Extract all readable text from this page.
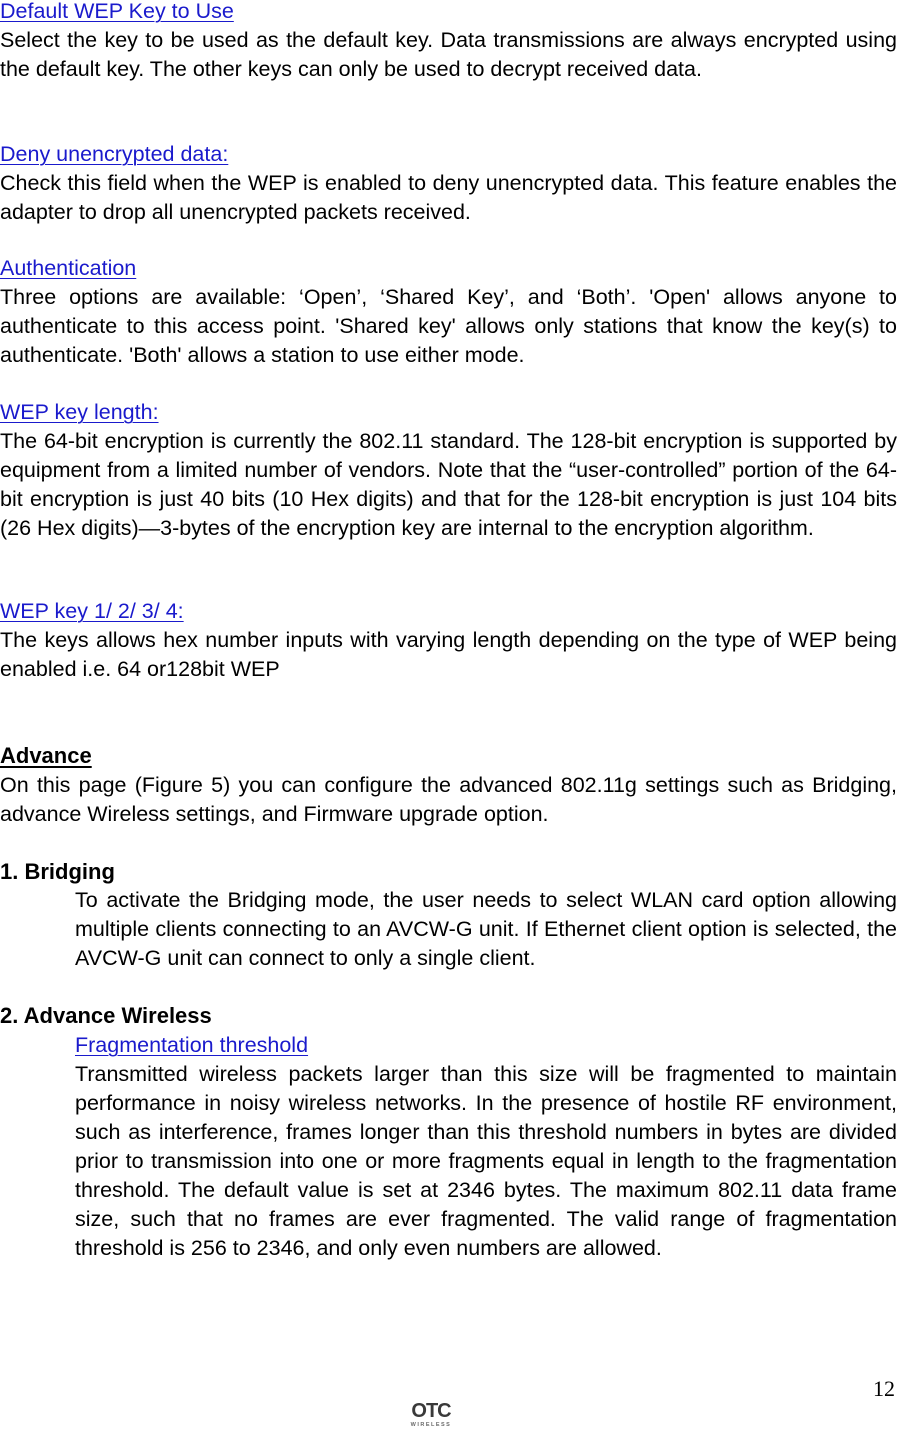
Default WEP Key to Use
Select the key to be used as the default key. Data transmissions are always encrypted using the default key. The other keys can only be used to decrypt received data.
Deny unencrypted data:
Check this field when the WEP is enabled to deny unencrypted data. This feature enables the adapter to drop all unencrypted packets received.
Authentication
Three options are available: ‘Open’, ‘Shared Key’, and ‘Both’. 'Open' allows anyone to authenticate to this access point. 'Shared key' allows only stations that know the key(s) to authenticate. 'Both' allows a station to use either mode.
WEP key length:
The 64-bit encryption is currently the 802.11 standard. The 128-bit encryption is supported by equipment from a limited number of vendors. Note that the “user-controlled” portion of the 64-bit encryption is just 40 bits (10 Hex digits) and that for the 128-bit encryption is just 104 bits (26 Hex digits)—3-bytes of the encryption key are internal to the encryption algorithm.
WEP key 1/ 2/ 3/ 4:
The keys allows hex number inputs with varying length depending on the type of WEP being enabled i.e. 64 or128bit WEP
Advance
On this page (Figure 5) you can configure the advanced 802.11g settings such as Bridging, advance Wireless settings, and Firmware upgrade option.
1. Bridging
To activate the Bridging mode, the user needs to select WLAN card option allowing multiple clients connecting to an AVCW-G unit. If Ethernet client option is selected, the AVCW-G unit can connect to only a single client.
2. Advance Wireless
Fragmentation threshold
Transmitted wireless packets larger than this size will be fragmented to maintain performance in noisy wireless networks. In the presence of hostile RF environment, such as interference, frames longer than this threshold numbers in bytes are divided prior to transmission into one or more fragments equal in length to the fragmentation threshold. The default value is set at 2346 bytes. The maximum 802.11 data frame size, such that no frames are ever fragmented. The valid range of fragmentation threshold is 256 to 2346, and only even numbers are allowed.
12
OTC
WIRELESS
